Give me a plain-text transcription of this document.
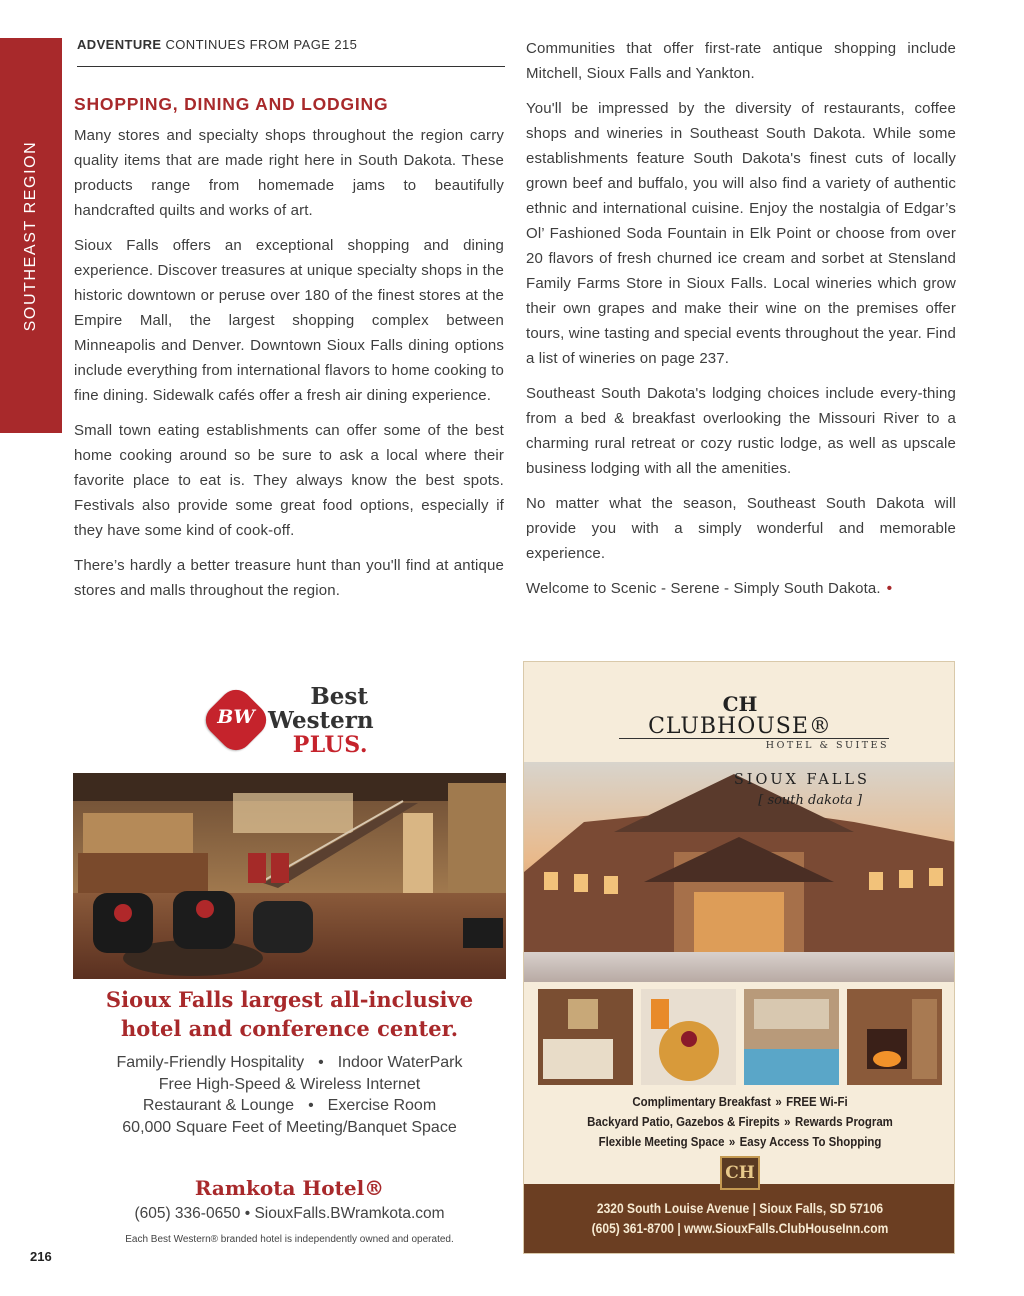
SOUTHEAST REGION
ADVENTURE CONTINUES FROM PAGE 215
SHOPPING, DINING AND LODGING

Many stores and specialty shops throughout the region carry quality items that are made right here in South Dakota. These products range from homemade jams to beautifully handcrafted quilts and works of art.

Sioux Falls offers an exceptional shopping and dining experience. Discover treasures at unique specialty shops in the historic downtown or peruse over 180 of the finest stores at the Empire Mall, the largest shopping complex between Minneapolis and Denver. Downtown Sioux Falls dining options include everything from international flavors to home cooking to fine dining. Sidewalk cafés offer a fresh air dining experience.

Small town eating establishments can offer some of the best home cooking around so be sure to ask a local where their favorite place to eat is. They always know the best spots. Festivals also provide some great food options, especially if they have some kind of cook-off.

There’s hardly a better treasure hunt than you'll find at antique stores and malls throughout the region.

Communities that offer first-rate antique shopping include Mitchell, Sioux Falls and Yankton.

You'll be impressed by the diversity of restaurants, coffee shops and wineries in Southeast South Dakota. While some establishments feature South Dakota's finest cuts of locally grown beef and buffalo, you will also find a variety of authentic ethnic and international cuisine. Enjoy the nostalgia of Edgar’s Ol’ Fashioned Soda Fountain in Elk Point or choose from over 20 flavors of fresh churned ice cream and sorbet at Stensland Family Farms Store in Sioux Falls. Local wineries which grow their own grapes and make their wine on the premises offer tours, wine tasting and special events throughout the year. Find a list of wineries on page 237.

Southeast South Dakota's lodging choices include every-thing from a bed & breakfast overlooking the Missouri River to a charming rural retreat or cozy rustic lodge, as well as upscale business lodging with all the amenities.

No matter what the season, Southeast South Dakota will provide you with a simply wonderful and memorable experience.

Welcome to Scenic - Serene - Simply South Dakota. •

BW
Best
Western
PLUS.
Sioux Falls largest all-inclusive
hotel and conference center.
Family-Friendly Hospitality • Indoor WaterPark
Free High-Speed & Wireless Internet
Restaurant & Lounge • Exercise Room
60,000 Square Feet of Meeting/Banquet Space
Ramkota Hotel®
(605) 336-0650 • SiouxFalls.BWramkota.com
Each Best Western® branded hotel is independently owned and operated.
CH
CLUBHOUSE®
HOTEL & SUITES
SIOUX FALLS
[ south dakota ]
Complimentary Breakfast » FREE Wi-Fi
Backyard Patio, Gazebos & Firepits » Rewards Program
Flexible Meeting Space » Easy Access To Shopping
CH
2320 South Louise Avenue | Sioux Falls, SD 57106
(605) 361-8700 | www.SiouxFalls.ClubHouseInn.com
216
